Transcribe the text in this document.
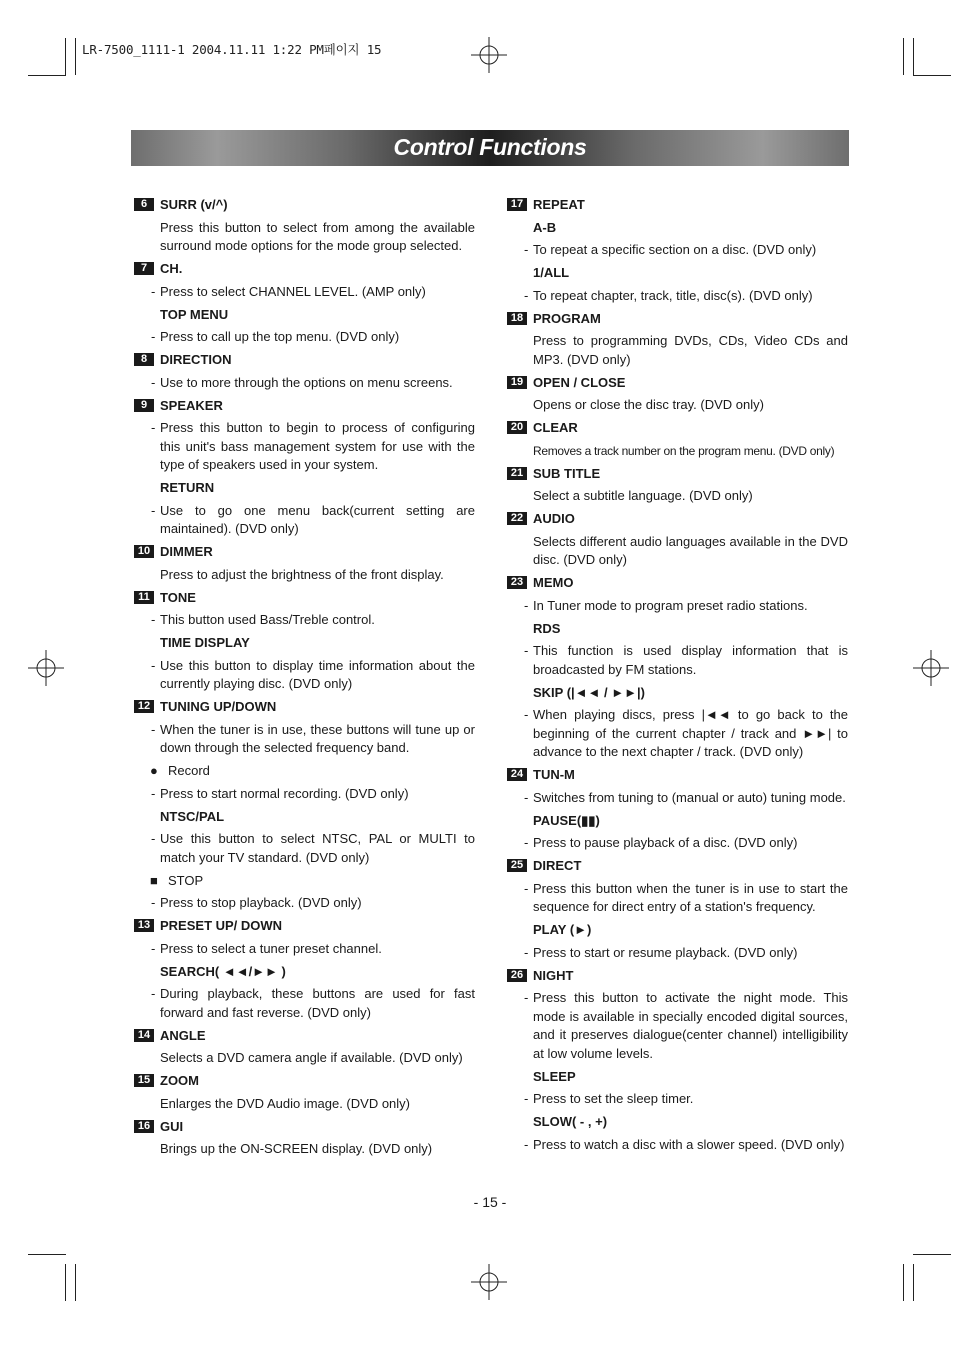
LR-7500_1111-1 2004.11.11 1:22 PM페이지 15
Control Functions
6 SURR (v/^)
Press this button to select from among the available surround mode options for the mode group selected.
7 CH.
- Press to select CHANNEL LEVEL. (AMP only)
TOP MENU
- Press to call up the top menu. (DVD only)
8 DIRECTION
- Use to more through the options on menu screens.
9 SPEAKER
- Press this button to begin to process of configuring this unit's bass management system for use with the type of speakers used in your system.
RETURN
- Use to go one menu back(current setting are maintained). (DVD only)
10 DIMMER
Press to adjust the brightness of the front display.
11 TONE
- This button used Bass/Treble control.
TIME DISPLAY
- Use this button to display time information about the currently playing disc. (DVD only)
12 TUNING UP/DOWN
- When the tuner is in use, these buttons will tune up or down through the selected frequency band.
● Record
- Press to start normal recording. (DVD only)
NTSC/PAL
- Use this button to select NTSC, PAL or MULTI to match your TV standard. (DVD only)
■ STOP
- Press to stop playback. (DVD only)
13 PRESET UP/ DOWN
- Press to select a tuner preset channel.
SEARCH( ◄◄/►► )
- During playback, these buttons are used for fast forward and fast reverse. (DVD only)
14 ANGLE
Selects a DVD camera angle if available. (DVD only)
15 ZOOM
Enlarges the DVD Audio image. (DVD only)
16 GUI
Brings up the ON-SCREEN display. (DVD only)
17 REPEAT
A-B
- To repeat a specific section on a disc. (DVD only)
1/ALL
- To repeat chapter, track, title, disc(s). (DVD only)
18 PROGRAM
Press to programming DVDs, CDs, Video CDs and MP3. (DVD only)
19 OPEN / CLOSE
Opens or close the disc tray. (DVD only)
20 CLEAR
Removes a track number on the program menu. (DVD only)
21 SUB TITLE
Select a subtitle language. (DVD only)
22 AUDIO
Selects different audio languages available in the DVD disc. (DVD only)
23 MEMO
- In Tuner mode to program preset radio stations.
RDS
- This function is used display information that is broadcasted by FM stations.
SKIP (|◄◄ / ►►|)
- When playing discs, press |◄◄ to go back to the beginning of the current chapter / track and ►►| to advance to the next chapter / track. (DVD only)
24 TUN-M
- Switches from tuning to (manual or auto) tuning mode.
PAUSE(▮▮)
- Press to pause playback of a disc. (DVD only)
25 DIRECT
- Press this button when the tuner is in use to start the sequence for direct entry of a station's frequency.
PLAY (►)
- Press to start or resume playback. (DVD only)
26 NIGHT
- Press this button to activate the night mode. This mode is available in specially encoded digital sources, and it preserves dialogue(center channel) intelligibility at low volume levels.
SLEEP
- Press to set the sleep timer.
SLOW( - , +)
- Press to watch a disc with a slower speed. (DVD only)
- 15 -
